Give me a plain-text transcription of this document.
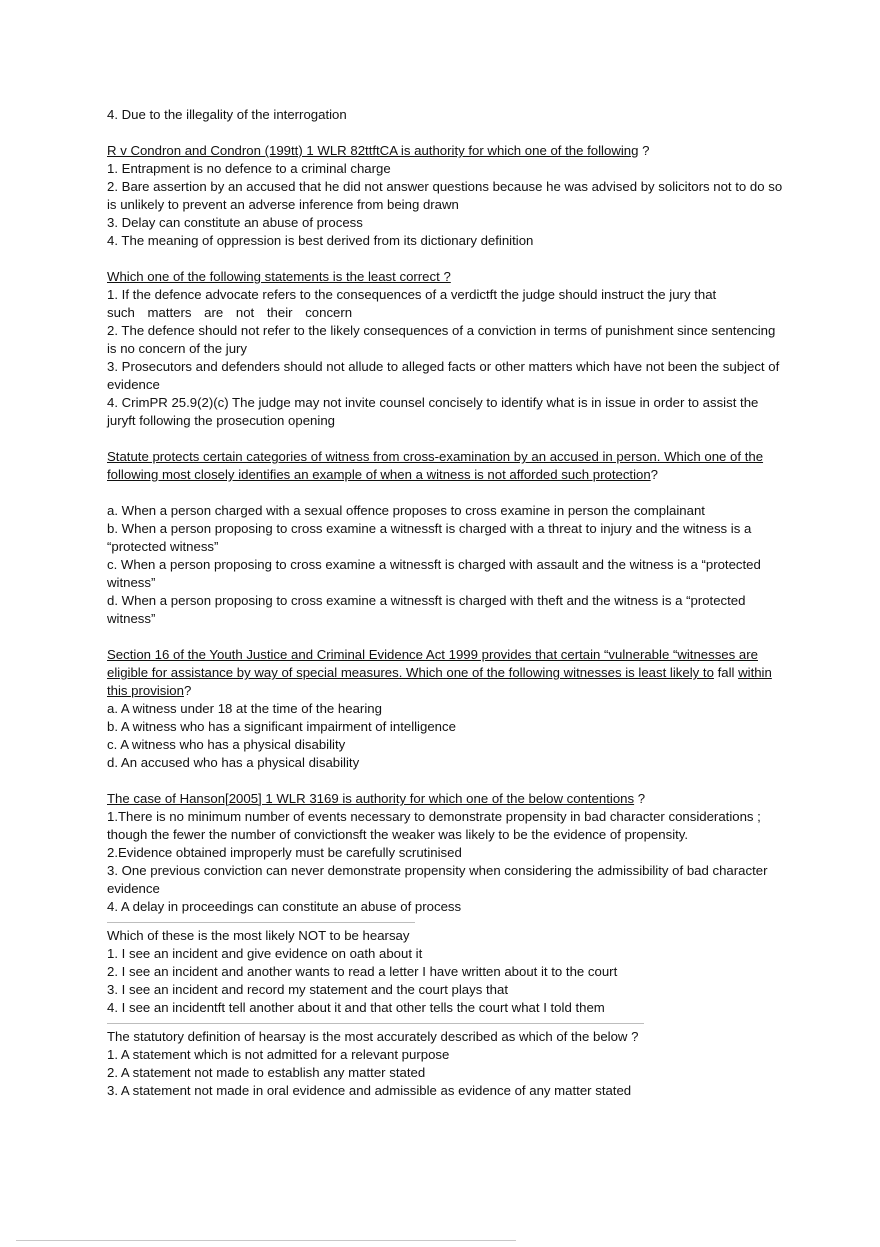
4. Due to the illegality of the interrogation

R v Condron and Condron (199tt) 1 WLR 82ttftCA is authority for which one of the following ?

1. Entrapment is no defence to a criminal charge

2. Bare assertion by an accused that he did not answer questions because he was advised by solicitors not to do so is unlikely to prevent an adverse inference from being drawn

3. Delay can constitute an abuse of process

4. The meaning of oppression is best derived from its dictionary definition

Which one of the following statements is the least correct ?

1. If the defence advocate refers to the consequences of a verdictft the judge should instruct the jury that

such matters are not their concern

2. The defence should not refer to the likely consequences of a conviction in terms of punishment since sentencing is no concern of the jury

3. Prosecutors and defenders should not allude to alleged facts or other matters which have not been the subject of evidence

4. CrimPR 25.9(2)(c) The judge may not invite counsel concisely to identify what is in issue in order to assist the juryft following the prosecution opening

Statute protects certain categories of witness from cross-examination by an accused in person. Which one of the following most closely identifies an example of when a witness is not afforded such protection?

a. When a person charged with a sexual offence proposes to cross examine in person the complainant

b. When a person proposing to cross examine a witnessft is charged with a threat to injury and the witness is a “protected witness”

c. When a person proposing to cross examine a witnessft is charged with assault and the witness is a “protected witness”

d. When a person proposing to cross examine a witnessft is charged with theft and the witness is a “protected witness”

Section 16 of the Youth Justice and Criminal Evidence Act 1999 provides that certain “vulnerable “witnesses are eligible for assistance by way of special measures. Which one of the following witnesses is least likely to fall within this provision?

a. A witness under 18 at the time of the hearing

b. A witness who has a significant impairment of intelligence

c. A witness who has a physical disability

d. An accused who has a physical disability

The case of Hanson[2005] 1 WLR 3169 is authority for which one of the below contentions ?

1.There is no minimum number of events necessary to demonstrate propensity in bad character considerations ; though the fewer the number of convictionsft the weaker was likely to be the evidence of propensity.

2.Evidence obtained improperly must be carefully scrutinised

3. One previous conviction can never demonstrate propensity when considering the admissibility of bad character evidence

4. A delay in proceedings can constitute an abuse of process

Which of these is the most likely NOT to be hearsay

1. I see an incident and give evidence on oath about it

2. I see an incident and another wants to read a letter I have written about it to the court

3. I see an incident and record my statement and the court plays that

4. I see an incidentft tell another about it and that other tells the court what I told them

The statutory definition of hearsay is the most accurately described as which of the below ?

1. A statement which is not admitted for a relevant purpose

2. A statement not made to establish any matter stated

3. A statement not made in oral evidence and admissible as evidence of any matter stated
